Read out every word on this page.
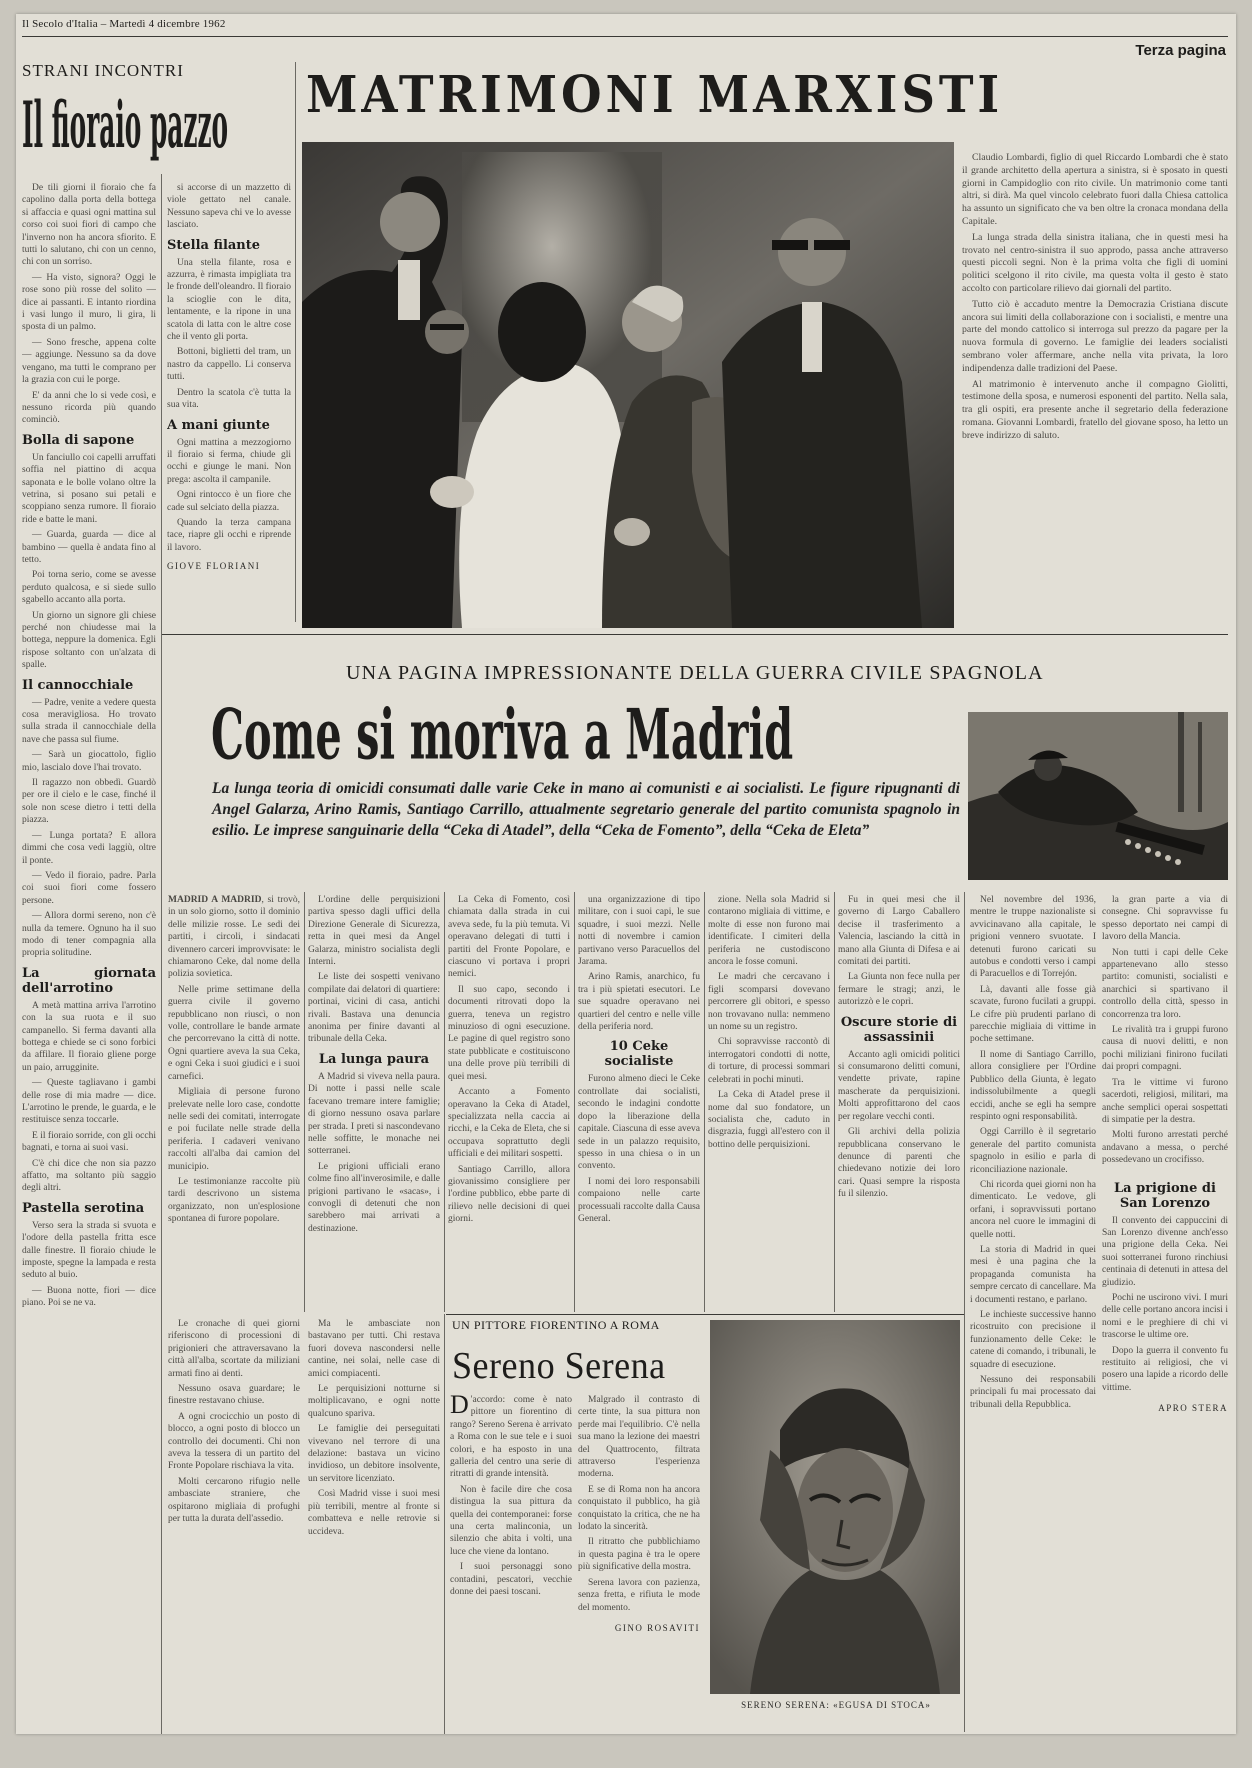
Il Secolo d'Italia – Martedì 4 dicembre 1962
Terza pagina
STRANI INCONTRI
Il fioraio pazzo

De tili giorni il fioraio che fa capolino dalla porta della bottega si affaccia e quasi ogni mattina sul corso coi suoi fiori di campo che l'inverno non ha ancora sfiorito. E tutti lo salutano, chi con un cenno, chi con un sorriso.

— Ha visto, signora? Oggi le rose sono più rosse del solito — dice ai passanti. E intanto riordina i vasi lungo il muro, li gira, li sposta di un palmo.

— Sono fresche, appena colte — aggiunge. Nessuno sa da dove vengano, ma tutti le comprano per la grazia con cui le porge.

E' da anni che lo si vede così, e nessuno ricorda più quando cominciò.

Bolla di sapone

Un fanciullo coi capelli arruffati soffia nel piattino di acqua saponata e le bolle volano oltre la vetrina, si posano sui petali e scoppiano senza rumore. Il fioraio ride e batte le mani.

— Guarda, guarda — dice al bambino — quella è andata fino al tetto.

Poi torna serio, come se avesse perduto qualcosa, e si siede sullo sgabello accanto alla porta.

Un giorno un signore gli chiese perché non chiudesse mai la bottega, neppure la domenica. Egli rispose soltanto con un'alzata di spalle.

Il cannocchiale

— Padre, venite a vedere questa cosa meravigliosa. Ho trovato sulla strada il cannocchiale della nave che passa sul fiume.

— Sarà un giocattolo, figlio mio, lascialo dove l'hai trovato.

Il ragazzo non obbedì. Guardò per ore il cielo e le case, finché il sole non scese dietro i tetti della piazza.

— Lunga portata? E allora dimmi che cosa vedi laggiù, oltre il ponte.

— Vedo il fioraio, padre. Parla coi suoi fiori come fossero persone.

— Allora dormi sereno, non c'è nulla da temere. Ognuno ha il suo modo di tener compagnia alla propria solitudine.

La giornata dell'arrotino

A metà mattina arriva l'arrotino con la sua ruota e il suo campanello. Si ferma davanti alla bottega e chiede se ci sono forbici da affilare. Il fioraio gliene porge un paio, arrugginite.

— Queste tagliavano i gambi delle rose di mia madre — dice. L'arrotino le prende, le guarda, e le restituisce senza toccarle.

E il fioraio sorride, con gli occhi bagnati, e torna ai suoi vasi.

C'è chi dice che non sia pazzo affatto, ma soltanto più saggio degli altri.

Pastella serotina

Verso sera la strada si svuota e l'odore della pastella fritta esce dalle finestre. Il fioraio chiude le imposte, spegne la lampada e resta seduto al buio.

— Buona notte, fiori — dice piano. Poi se ne va.

si accorse di un mazzetto di viole gettato nel canale. Nessuno sapeva chi ve lo avesse lasciato.

Stella filante

Una stella filante, rosa e azzurra, è rimasta impigliata tra le fronde dell'oleandro. Il fioraio la scioglie con le dita, lentamente, e la ripone in una scatola di latta con le altre cose che il vento gli porta.

Bottoni, biglietti del tram, un nastro da cappello. Li conserva tutti.

Dentro la scatola c'è tutta la sua vita.

A mani giunte

Ogni mattina a mezzogiorno il fioraio si ferma, chiude gli occhi e giunge le mani. Non prega: ascolta il campanile.

Ogni rintocco è un fiore che cade sul selciato della piazza.

Quando la terza campana tace, riapre gli occhi e riprende il lavoro.

GIOVE FLORIANI
MATRIMONI MARXISTI

Claudio Lombardi, figlio di quel Riccardo Lombardi che è stato il grande architetto della apertura a sinistra, si è sposato in questi giorni in Campidoglio con rito civile. Un matrimonio come tanti altri, si dirà. Ma quel vincolo celebrato fuori dalla Chiesa cattolica ha assunto un significato che va ben oltre la cronaca mondana della Capitale.

La lunga strada della sinistra italiana, che in questi mesi ha trovato nel centro-sinistra il suo approdo, passa anche attraverso questi piccoli segni. Non è la prima volta che figli di uomini politici scelgono il rito civile, ma questa volta il gesto è stato accolto con particolare rilievo dai giornali del partito.

Tutto ciò è accaduto mentre la Democrazia Cristiana discute ancora sui limiti della collaborazione con i socialisti, e mentre una parte del mondo cattolico si interroga sul prezzo da pagare per la nuova formula di governo. Le famiglie dei leaders socialisti sembrano voler affermare, anche nella vita privata, la loro indipendenza dalle tradizioni del Paese.

Al matrimonio è intervenuto anche il compagno Giolitti, testimone della sposa, e numerosi esponenti del partito. Nella sala, tra gli ospiti, era presente anche il segretario della federazione romana. Giovanni Lombardi, fratello del giovane sposo, ha letto un breve indirizzo di saluto.

UNA PAGINA IMPRESSIONANTE DELLA GUERRA CIVILE SPAGNOLA
Come si moriva a Madrid
La lunga teoria di omicidi consumati dalle varie Ceke in mano ai comunisti e ai socialisti. Le figure ripugnanti di Angel Galarza, Arino Ramis, Santiago Carrillo, attualmente segretario generale del partito comunista spagnolo in esilio. Le imprese sanguinarie della “Ceka di Atadel”, della “Ceka de Fomento”, della “Ceka de Eleta”

MADRID A MADRID, si trovò, in un solo giorno, sotto il dominio delle milizie rosse. Le sedi dei partiti, i circoli, i sindacati divennero carceri improvvisate: le chiamarono Ceke, dal nome della polizia sovietica.

Nelle prime settimane della guerra civile il governo repubblicano non riuscì, o non volle, controllare le bande armate che percorrevano la città di notte. Ogni quartiere aveva la sua Ceka, e ogni Ceka i suoi giudici e i suoi carnefici.

Migliaia di persone furono prelevate nelle loro case, condotte nelle sedi dei comitati, interrogate e poi fucilate nelle strade della periferia. I cadaveri venivano raccolti all'alba dai camion del municipio.

Le testimonianze raccolte più tardi descrivono un sistema organizzato, non un'esplosione spontanea di furore popolare.

L'ordine delle perquisizioni partiva spesso dagli uffici della Direzione Generale di Sicurezza, retta in quei mesi da Angel Galarza, ministro socialista degli Interni.

Le liste dei sospetti venivano compilate dai delatori di quartiere: portinai, vicini di casa, antichi rivali. Bastava una denuncia anonima per finire davanti al tribunale della Ceka.

La lunga paura

A Madrid si viveva nella paura. Di notte i passi nelle scale facevano tremare intere famiglie; di giorno nessuno osava parlare per strada. I preti si nascondevano nelle soffitte, le monache nei sotterranei.

Le prigioni ufficiali erano colme fino all'inverosimile, e dalle prigioni partivano le «sacas», i convogli di detenuti che non sarebbero mai arrivati a destinazione.

La Ceka di Fomento, così chiamata dalla strada in cui aveva sede, fu la più temuta. Vi operavano delegati di tutti i partiti del Fronte Popolare, e ciascuno vi portava i propri nemici.

Il suo capo, secondo i documenti ritrovati dopo la guerra, teneva un registro minuzioso di ogni esecuzione. Le pagine di quel registro sono state pubblicate e costituiscono una delle prove più terribili di quei mesi.

Accanto a Fomento operavano la Ceka di Atadel, specializzata nella caccia ai ricchi, e la Ceka de Eleta, che si occupava soprattutto degli ufficiali e dei militari sospetti.

Santiago Carrillo, allora giovanissimo consigliere per l'ordine pubblico, ebbe parte di rilievo nelle decisioni di quei giorni.

una organizzazione di tipo militare, con i suoi capi, le sue squadre, i suoi mezzi. Nelle notti di novembre i camion partivano verso Paracuellos del Jarama.

Arino Ramis, anarchico, fu tra i più spietati esecutori. Le sue squadre operavano nei quartieri del centro e nelle ville della periferia nord.

10 Ceke socialiste

Furono almeno dieci le Ceke controllate dai socialisti, secondo le indagini condotte dopo la liberazione della capitale. Ciascuna di esse aveva sede in un palazzo requisito, spesso in una chiesa o in un convento.

I nomi dei loro responsabili compaiono nelle carte processuali raccolte dalla Causa General.

zione. Nella sola Madrid si contarono migliaia di vittime, e molte di esse non furono mai identificate. I cimiteri della periferia ne custodiscono ancora le fosse comuni.

Le madri che cercavano i figli scomparsi dovevano percorrere gli obitori, e spesso non trovavano nulla: nemmeno un nome su un registro.

Chi sopravvisse raccontò di interrogatori condotti di notte, di torture, di processi sommari celebrati in pochi minuti.

La Ceka di Atadel prese il nome dal suo fondatore, un socialista che, caduto in disgrazia, fuggì all'estero con il bottino delle perquisizioni.

Fu in quei mesi che il governo di Largo Caballero decise il trasferimento a Valencia, lasciando la città in mano alla Giunta di Difesa e ai comitati dei partiti.

La Giunta non fece nulla per fermare le stragi; anzi, le autorizzò e le coprì.

Oscure storie di assassinii

Accanto agli omicidi politici si consumarono delitti comuni, vendette private, rapine mascherate da perquisizioni. Molti approfittarono del caos per regolare vecchi conti.

Gli archivi della polizia repubblicana conservano le denunce di parenti che chiedevano notizie dei loro cari. Quasi sempre la risposta fu il silenzio.

Nel novembre del 1936, mentre le truppe nazionaliste si avvicinavano alla capitale, le prigioni vennero svuotate. I detenuti furono caricati su autobus e condotti verso i campi di Paracuellos e di Torrejón.

Là, davanti alle fosse già scavate, furono fucilati a gruppi. Le cifre più prudenti parlano di parecchie migliaia di vittime in poche settimane.

Il nome di Santiago Carrillo, allora consigliere per l'Ordine Pubblico della Giunta, è legato indissolubilmente a quegli eccidi, anche se egli ha sempre respinto ogni responsabilità.

Oggi Carrillo è il segretario generale del partito comunista spagnolo in esilio e parla di riconciliazione nazionale.

Chi ricorda quei giorni non ha dimenticato. Le vedove, gli orfani, i sopravvissuti portano ancora nel cuore le immagini di quelle notti.

La storia di Madrid in quei mesi è una pagina che la propaganda comunista ha sempre cercato di cancellare. Ma i documenti restano, e parlano.

Le inchieste successive hanno ricostruito con precisione il funzionamento delle Ceke: le catene di comando, i tribunali, le squadre di esecuzione.

Nessuno dei responsabili principali fu mai processato dai tribunali della Repubblica.

la gran parte a via di consegne. Chi sopravvisse fu spesso deportato nei campi di lavoro della Mancia.

Non tutti i capi delle Ceke appartenevano allo stesso partito: comunisti, socialisti e anarchici si spartivano il controllo della città, spesso in concorrenza tra loro.

Le rivalità tra i gruppi furono causa di nuovi delitti, e non pochi miliziani finirono fucilati dai propri compagni.

Tra le vittime vi furono sacerdoti, religiosi, militari, ma anche semplici operai sospettati di simpatie per la destra.

Molti furono arrestati perché andavano a messa, o perché possedevano un crocifisso.

La prigione di San Lorenzo

Il convento dei cappuccini di San Lorenzo divenne anch'esso una prigione della Ceka. Nei suoi sotterranei furono rinchiusi centinaia di detenuti in attesa del giudizio.

Pochi ne uscirono vivi. I muri delle celle portano ancora incisi i nomi e le preghiere di chi vi trascorse le ultime ore.

Dopo la guerra il convento fu restituito ai religiosi, che vi posero una lapide a ricordo delle vittime.

APRO STERA

Le cronache di quei giorni riferiscono di processioni di prigionieri che attraversavano la città all'alba, scortate da miliziani armati fino ai denti.

Nessuno osava guardare; le finestre restavano chiuse.

A ogni crocicchio un posto di blocco, a ogni posto di blocco un controllo dei documenti. Chi non aveva la tessera di un partito del Fronte Popolare rischiava la vita.

Molti cercarono rifugio nelle ambasciate straniere, che ospitarono migliaia di profughi per tutta la durata dell'assedio.

Ma le ambasciate non bastavano per tutti. Chi restava fuori doveva nascondersi nelle cantine, nei solai, nelle case di amici compiacenti.

Le perquisizioni notturne si moltiplicavano, e ogni notte qualcuno spariva.

Le famiglie dei perseguitati vivevano nel terrore di una delazione: bastava un vicino invidioso, un debitore insolvente, un servitore licenziato.

Così Madrid visse i suoi mesi più terribili, mentre al fronte si combatteva e nelle retrovie si uccideva.

UN PITTORE FIORENTINO A ROMA
Sereno Serena

D 'accordo: come è nato pittore un fiorentino di rango? Sereno Serena è arrivato a Roma con le sue tele e i suoi colori, e ha esposto in una galleria del centro una serie di ritratti di grande intensità.

Non è facile dire che cosa distingua la sua pittura da quella dei contemporanei: forse una certa malinconia, un silenzio che abita i volti, una luce che viene da lontano.

I suoi personaggi sono contadini, pescatori, vecchie donne dei paesi toscani.

Malgrado il contrasto di certe tinte, la sua pittura non perde mai l'equilibrio. C'è nella sua mano la lezione dei maestri del Quattrocento, filtrata attraverso l'esperienza moderna.

E se di Roma non ha ancora conquistato il pubblico, ha già conquistato la critica, che ne ha lodato la sincerità.

Il ritratto che pubblichiamo in questa pagina è tra le opere più significative della mostra.

Serena lavora con pazienza, senza fretta, e rifiuta le mode del momento.

GINO ROSAVITI
SERENO SERENA: «EGUSA DI STOCA»
